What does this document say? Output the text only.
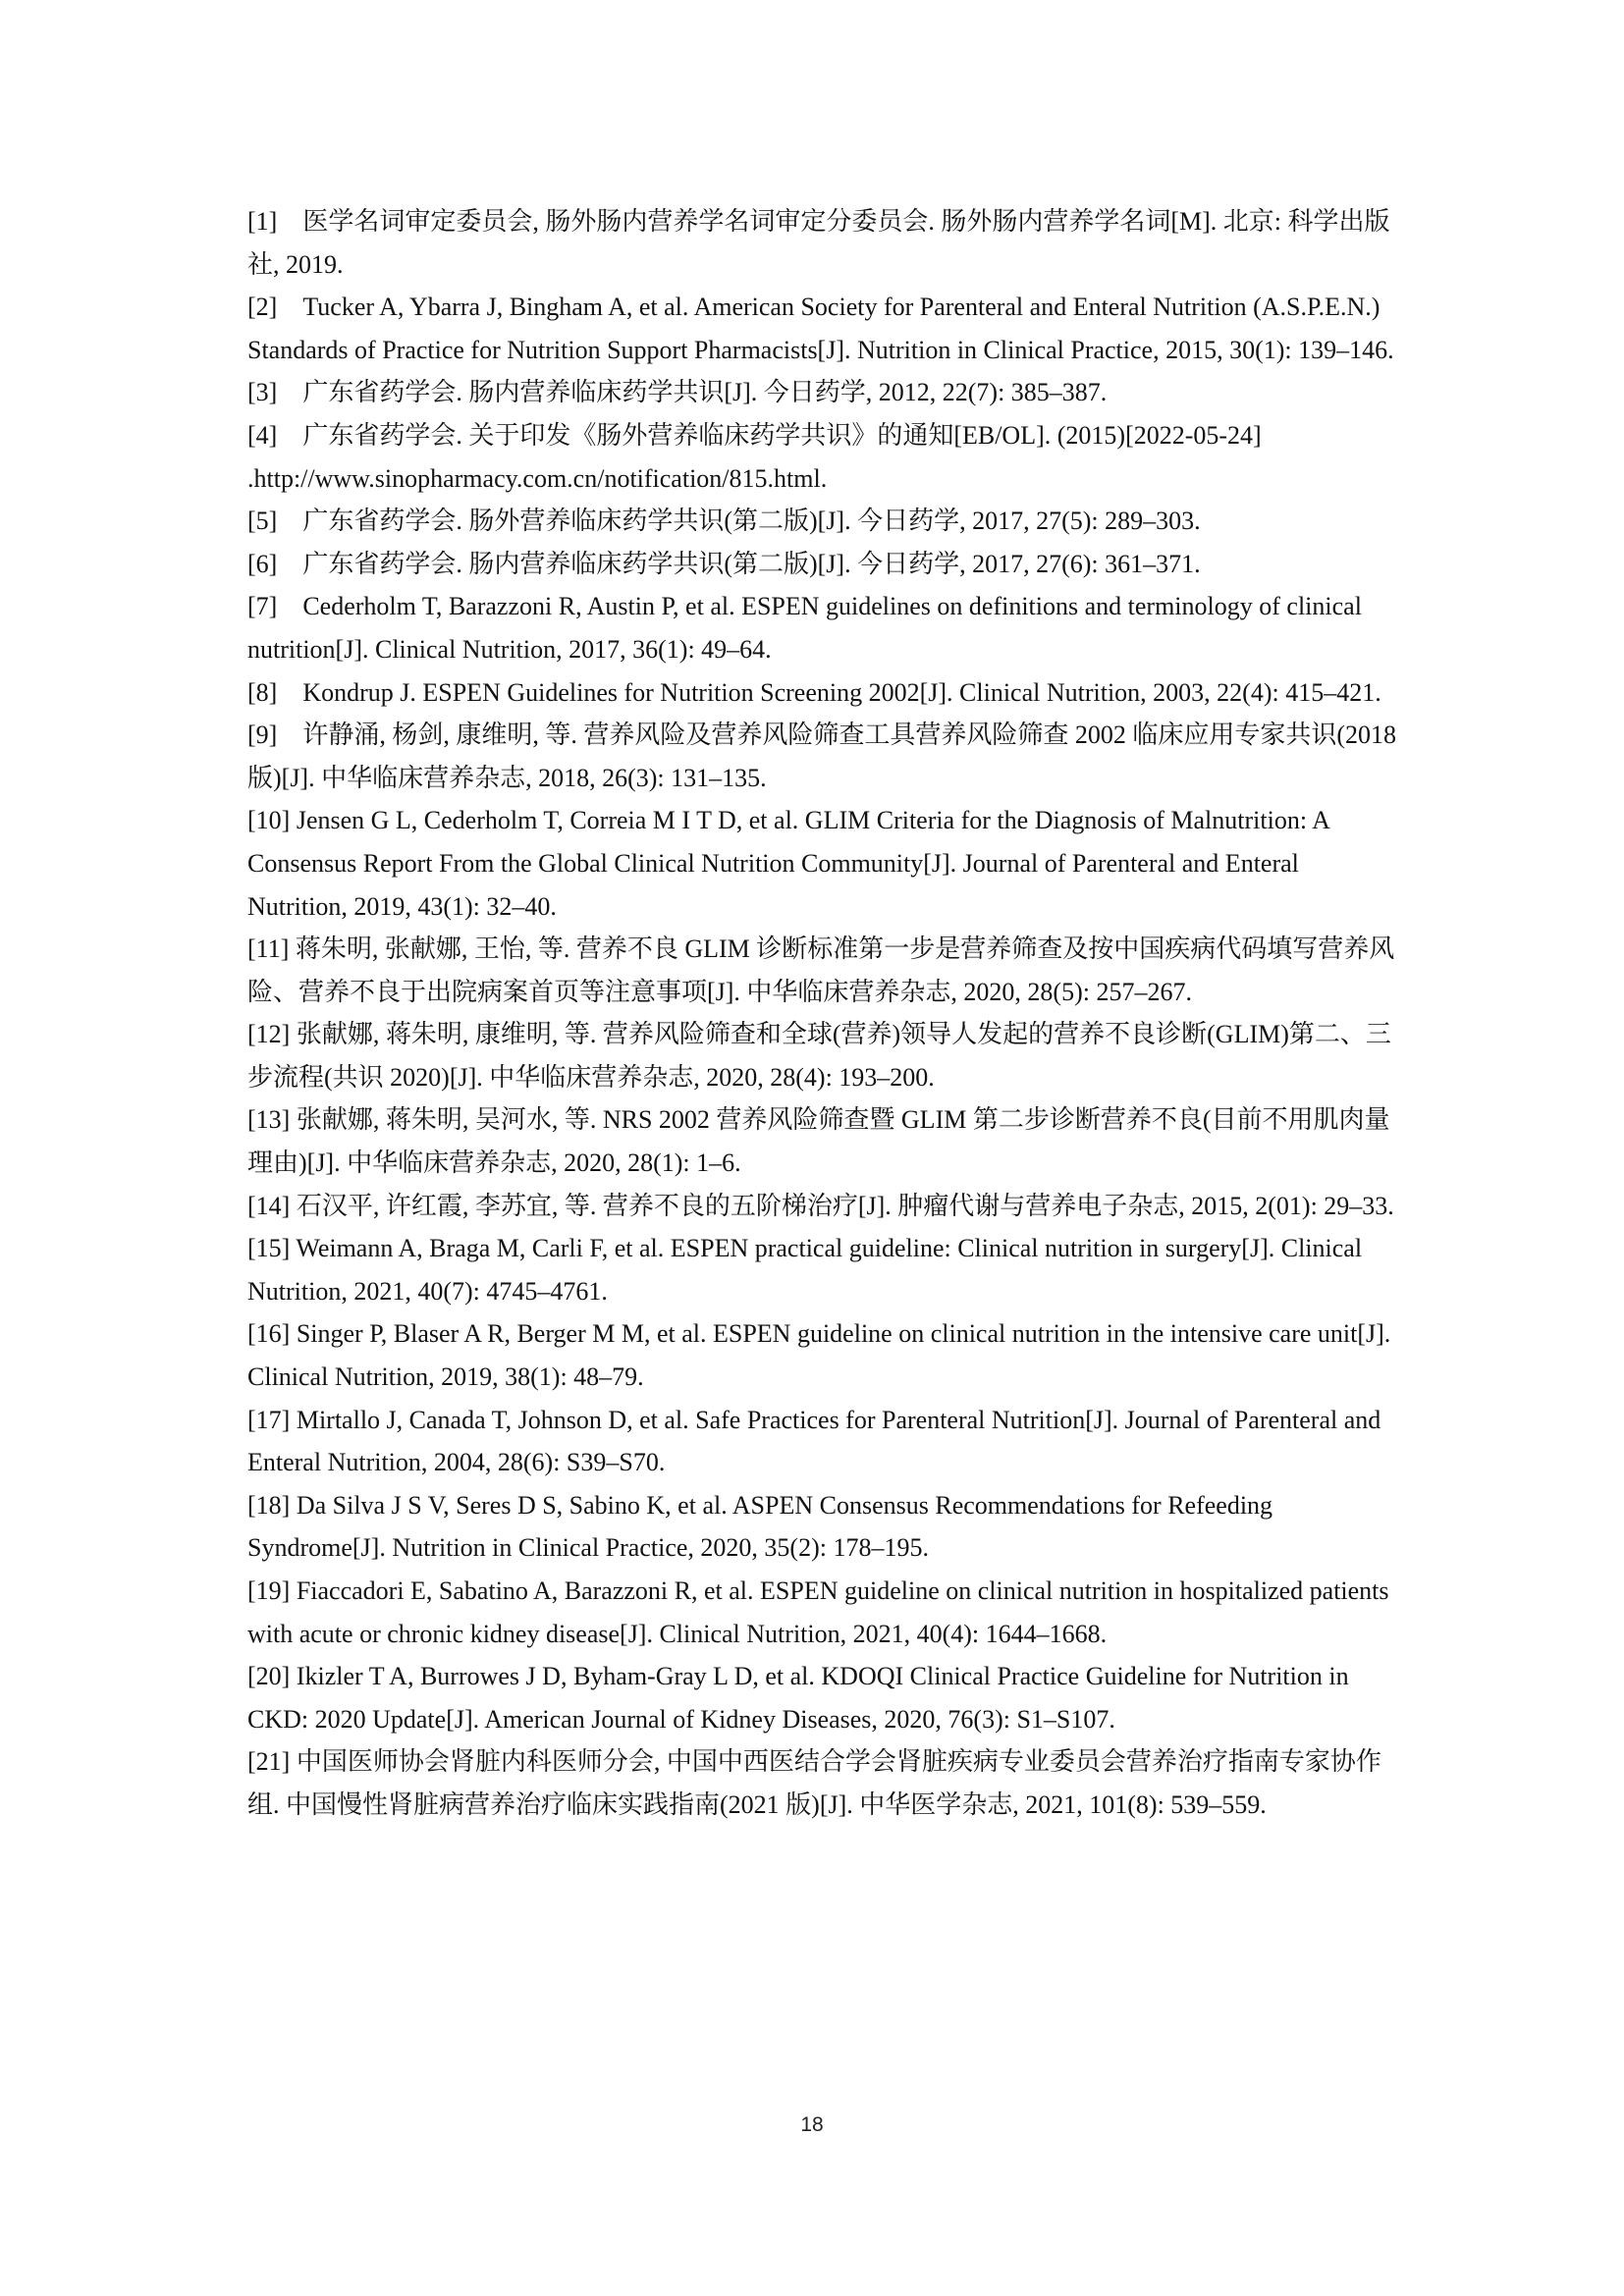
[1]  医学名词审定委员会, 肠外肠内营养学名词审定分委员会. 肠外肠内营养学名词[M]. 北京: 科学出版社, 2019.
[2]  Tucker A, Ybarra J, Bingham A, et al. American Society for Parenteral and Enteral Nutrition (A.S.P.E.N.) Standards of Practice for Nutrition Support Pharmacists[J]. Nutrition in Clinical Practice, 2015, 30(1): 139–146.
[3]  广东省药学会. 肠内营养临床药学共识[J]. 今日药学, 2012, 22(7): 385–387.
[4]  广东省药学会. 关于印发《肠外营养临床药学共识》的通知[EB/OL]. (2015)[2022-05-24] .http://www.sinopharmacy.com.cn/notification/815.html.
[5]  广东省药学会. 肠外营养临床药学共识(第二版)[J]. 今日药学, 2017, 27(5): 289–303.
[6]  广东省药学会. 肠内营养临床药学共识(第二版)[J]. 今日药学, 2017, 27(6): 361–371.
[7]  Cederholm T, Barazzoni R, Austin P, et al. ESPEN guidelines on definitions and terminology of clinical nutrition[J]. Clinical Nutrition, 2017, 36(1): 49–64.
[8]  Kondrup J. ESPEN Guidelines for Nutrition Screening 2002[J]. Clinical Nutrition, 2003, 22(4): 415–421.
[9]  许静涌, 杨剑, 康维明, 等. 营养风险及营养风险筛查工具营养风险筛查 2002 临床应用专家共识(2018 版)[J]. 中华临床营养杂志, 2018, 26(3): 131–135.
[10] Jensen G L, Cederholm T, Correia M I T D, et al. GLIM Criteria for the Diagnosis of Malnutrition: A Consensus Report From the Global Clinical Nutrition Community[J]. Journal of Parenteral and Enteral Nutrition, 2019, 43(1): 32–40.
[11] 蒋朱明, 张献娜, 王怡, 等. 营养不良 GLIM 诊断标准第一步是营养筛查及按中国疾病代码填写营养风险、营养不良于出院病案首页等注意事项[J]. 中华临床营养杂志, 2020, 28(5): 257–267.
[12] 张献娜, 蒋朱明, 康维明, 等. 营养风险筛查和全球(营养)领导人发起的营养不良诊断(GLIM)第二、三步流程(共识 2020)[J]. 中华临床营养杂志, 2020, 28(4): 193–200.
[13] 张献娜, 蒋朱明, 吴河水, 等. NRS 2002 营养风险筛查暨 GLIM 第二步诊断营养不良(目前不用肌肉量理由)[J]. 中华临床营养杂志, 2020, 28(1): 1–6.
[14] 石汉平, 许红霞, 李苏宜, 等. 营养不良的五阶梯治疗[J]. 肿瘤代谢与营养电子杂志, 2015, 2(01): 29–33.
[15] Weimann A, Braga M, Carli F, et al. ESPEN practical guideline: Clinical nutrition in surgery[J]. Clinical Nutrition, 2021, 40(7): 4745–4761.
[16] Singer P, Blaser A R, Berger M M, et al. ESPEN guideline on clinical nutrition in the intensive care unit[J]. Clinical Nutrition, 2019, 38(1): 48–79.
[17] Mirtallo J, Canada T, Johnson D, et al. Safe Practices for Parenteral Nutrition[J]. Journal of Parenteral and Enteral Nutrition, 2004, 28(6): S39–S70.
[18] Da Silva J S V, Seres D S, Sabino K, et al. ASPEN Consensus Recommendations for Refeeding Syndrome[J]. Nutrition in Clinical Practice, 2020, 35(2): 178–195.
[19] Fiaccadori E, Sabatino A, Barazzoni R, et al. ESPEN guideline on clinical nutrition in hospitalized patients with acute or chronic kidney disease[J]. Clinical Nutrition, 2021, 40(4): 1644–1668.
[20] Ikizler T A, Burrowes J D, Byham-Gray L D, et al. KDOQI Clinical Practice Guideline for Nutrition in CKD: 2020 Update[J]. American Journal of Kidney Diseases, 2020, 76(3): S1–S107.
[21] 中国医师协会肾脏内科医师分会, 中国中西医结合学会肾脏疾病专业委员会营养治疗指南专家协作组. 中国慢性肾脏病营养治疗临床实践指南(2021 版)[J]. 中华医学杂志, 2021, 101(8): 539–559.
18
